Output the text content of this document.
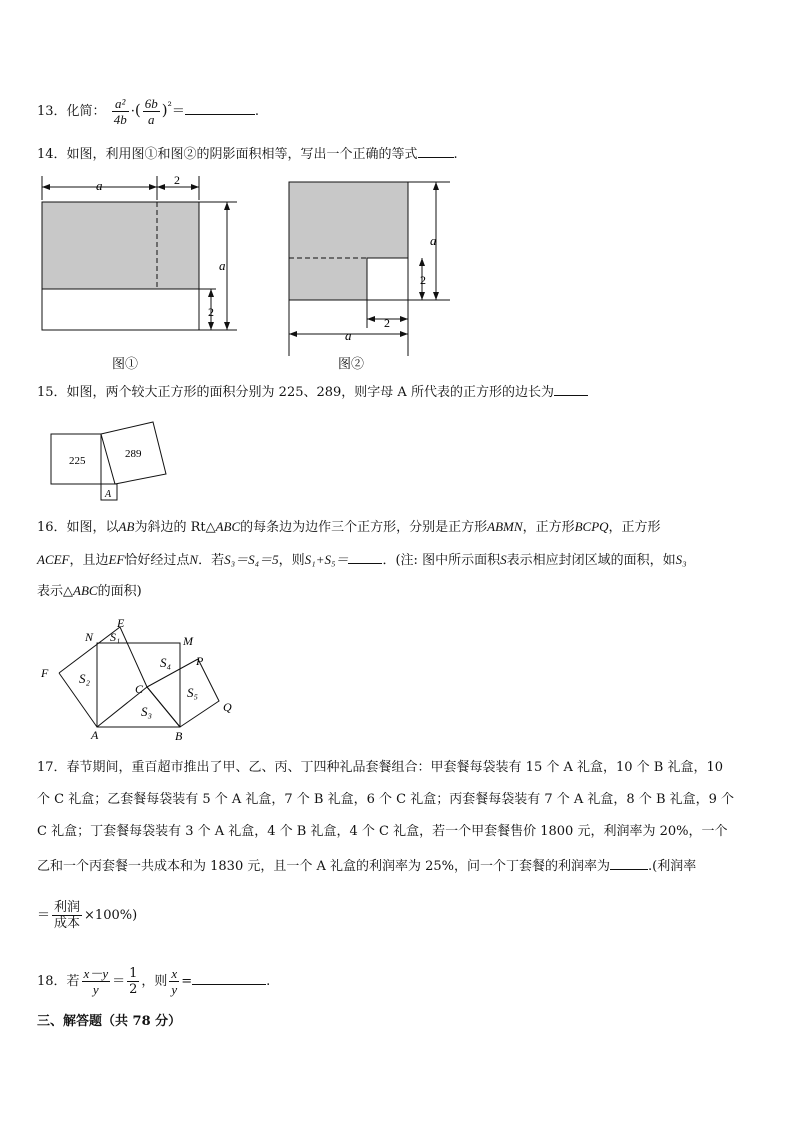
13．化简： $\frac{\text{a²}}{4b}$ ·( $\frac{6b}{a} )^{^2}=$	.
14．如图，利用图①和图②的阴影面积相等，写出一个正确的等式	.
a	2
a
2
a
2
a
2
图①	图②
15．如图，两个较大正方形的面积分别为 225、289，则字母 A 所代表的正方形的边长为
225
289
A
16．如图，以AB为斜边的 Rt△ABC的每条边为边作三个正方形，分别是正方形ABMN，正方形BCPQ，正方形
ACEF，且边EF恰好经过点N．若S₃＝S₄＝5，则S₁+S₅＝	．(注: 图中所示面积S表示相应封闭区域的面积，如S₃
表示△ABC的面积)
N
E
M
P
F
C
Q
A	B
S₁
S₂
S₃
S₄
S₅
17．春节期间，重百超市推出了甲、乙、丙、丁四种礼品套餐组合：甲套餐每袋装有 15 个 A 礼盒，10 个 B 礼盒，10
个 C 礼盒；乙套餐每袋装有 5 个 A 礼盒，7 个 B 礼盒，6 个 C 礼盒；丙套餐每袋装有 7 个 A 礼盒，8 个 B 礼盒，9 个
C 礼盒；丁套餐每袋装有 3 个 A 礼盒，4 个 B 礼盒，4 个 C 礼盒，若一个甲套餐售价 1800 元，利润率为 20%，一个
乙和一个丙套餐一共成本和为 1830 元，且一个 A 礼盒的利润率为 25%，问一个丁套餐的利润率为	.(利润率
＝ $\frac{\text{利润}}{\text{成本}} \times 100\%$)
18．若 $\frac{x-y}{y} = \frac{1}{2}$ ，则 $\frac{x}{y}$ =	.
三、解答题（共 78 分）
